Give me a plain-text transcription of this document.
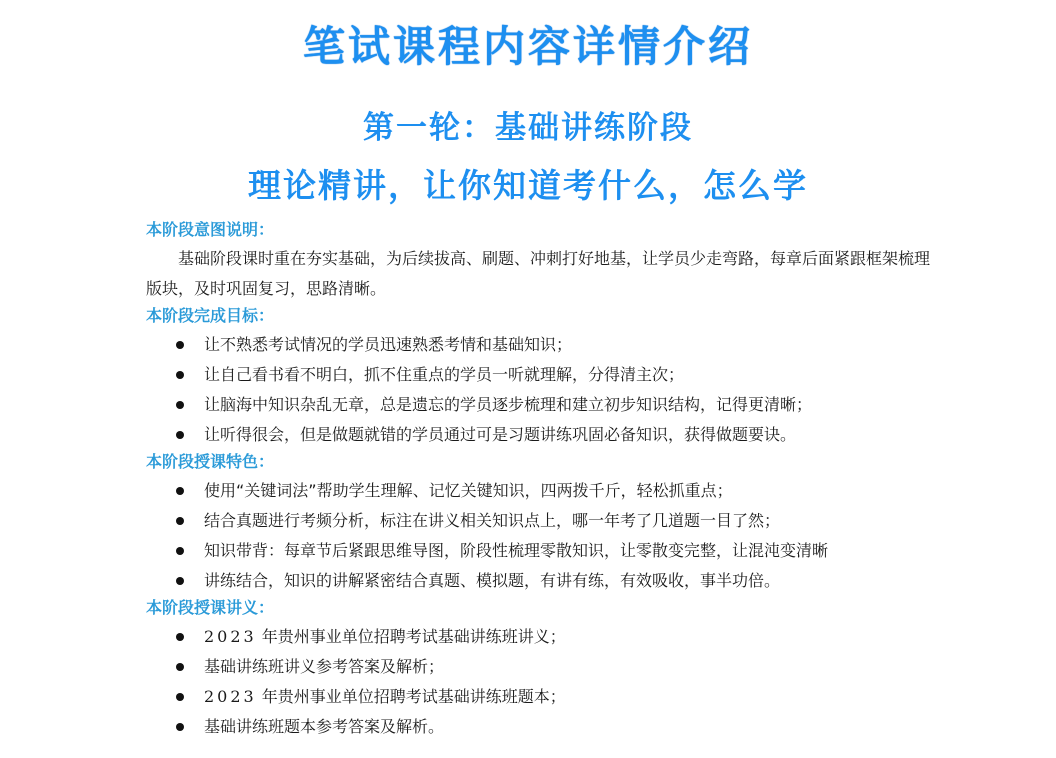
笔试课程内容详情介绍
第一轮：基础讲练阶段
理论精讲，让你知道考什么，怎么学
本阶段意图说明：
基础阶段课时重在夯实基础，为后续拔高、刷题、冲刺打好地基，让学员少走弯路，每章后面紧跟框架梳理版块，及时巩固复习，思路清晰。
本阶段完成目标：
让不熟悉考试情况的学员迅速熟悉考情和基础知识；
让自己看书看不明白，抓不住重点的学员一听就理解，分得清主次；
让脑海中知识杂乱无章，总是遗忘的学员逐步梳理和建立初步知识结构，记得更清晰；
让听得很会，但是做题就错的学员通过可是习题讲练巩固必备知识，获得做题要诀。
本阶段授课特色：
使用“关键词法”帮助学生理解、记忆关键知识，四两拨千斤，轻松抓重点；
结合真题进行考频分析，标注在讲义相关知识点上，哪一年考了几道题一目了然；
知识带背：每章节后紧跟思维导图，阶段性梳理零散知识，让零散变完整，让混沌变清晰
讲练结合，知识的讲解紧密结合真题、模拟题，有讲有练，有效吸收，事半功倍。
本阶段授课讲义：
2023 年贵州事业单位招聘考试基础讲练班讲义；
基础讲练班讲义参考答案及解析；
2023 年贵州事业单位招聘考试基础讲练班题本；
基础讲练班题本参考答案及解析。
